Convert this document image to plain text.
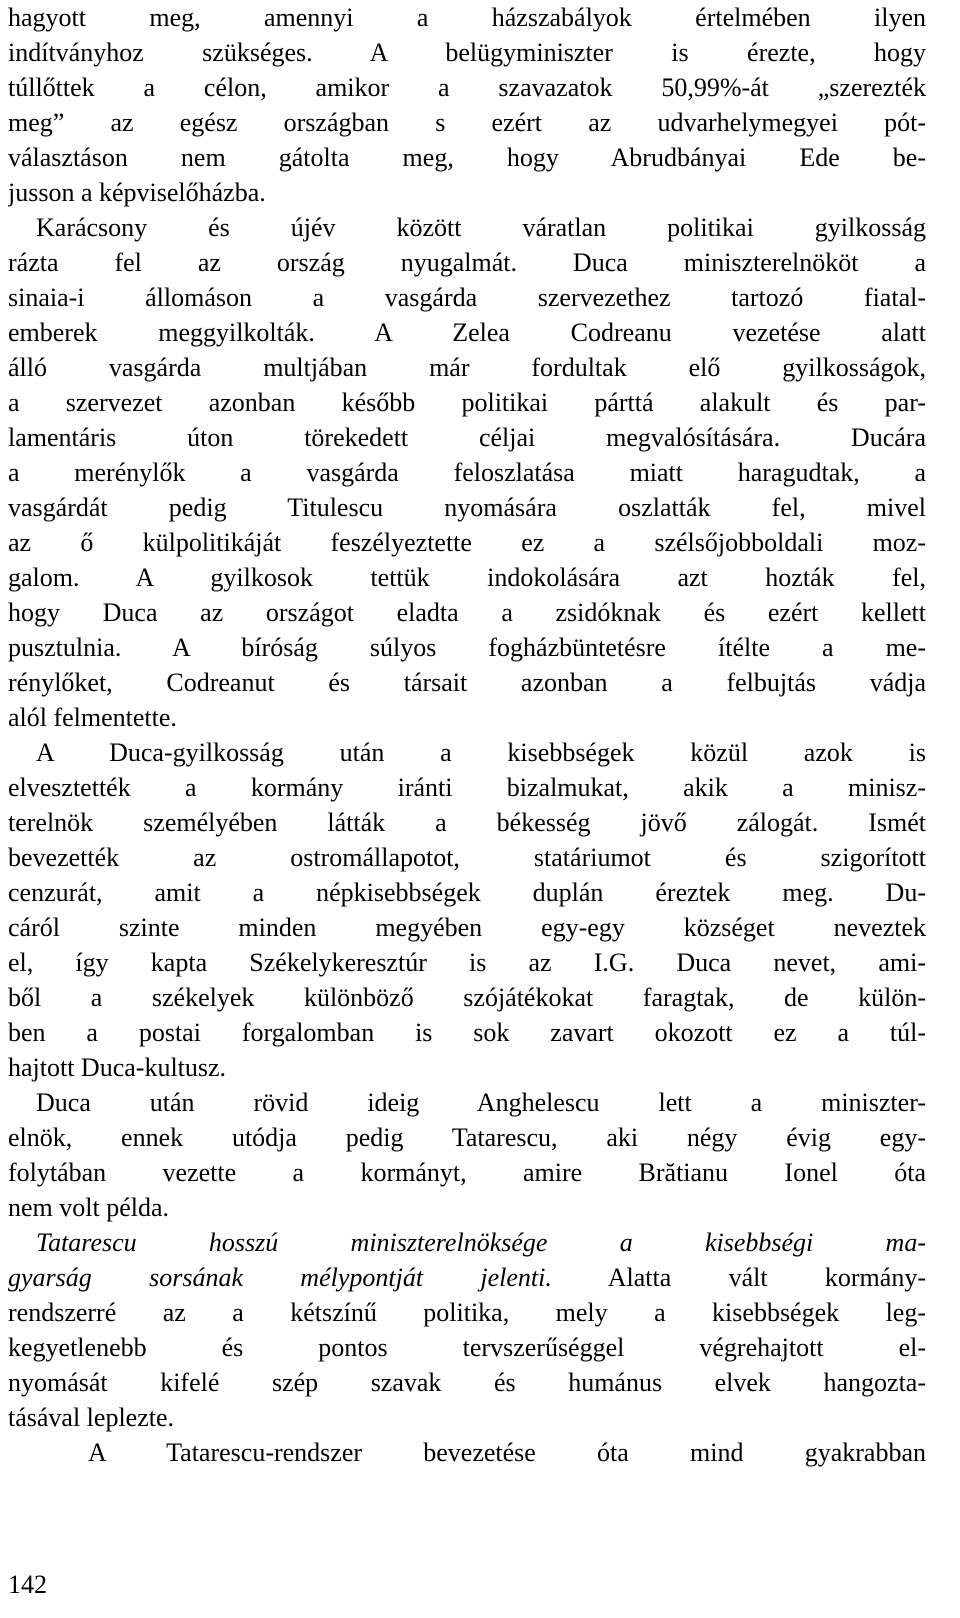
hagyott meg, amennyi a házszabályok értelmében ilyen
indítványhoz szükséges. A belügyminiszter is érezte, hogy
túllőttek a célon, amikor a szavazatok 50,99%-át „szerezték
meg” az egész országban s ezért az udvarhelymegyei pót-
választáson nem gátolta meg, hogy Abrudbányai Ede be-
jusson a képviselőházba.
Karácsony és újév között váratlan politikai gyilkosság
rázta fel az ország nyugalmát. Duca miniszterelnököt a
sinaia-i állomáson a vasgárda szervezethez tartozó fiatal-
emberek meggyilkolták. A Zelea Codreanu vezetése alatt
álló vasgárda multjában már fordultak elő gyilkosságok,
a szervezet azonban később politikai párttá alakult és par-
lamentáris úton törekedett céljai megvalósítására. Ducára
a merénylők a vasgárda feloszlatása miatt haragudtak, a
vasgárdát pedig Titulescu nyomására oszlatták fel, mivel
az ő külpolitikáját feszélyeztette ez a szélsőjobboldali moz-
galom. A gyilkosok tettük indokolására azt hozták fel,
hogy Duca az országot eladta a zsidóknak és ezért kellett
pusztulnia. A bíróság súlyos fogházbüntetésre ítélte a me-
rénylőket, Codreanut és társait azonban a felbujtás vádja
alól felmentette.
A Duca-gyilkosság után a kisebbségek közül azok is
elvesztették a kormány iránti bizalmukat, akik a minisz-
terelnök személyében látták a békesség jövő zálogát. Ismét
bevezették az ostromállapotot, statáriumot és szigorított
cenzurát, amit a népkisebbségek duplán éreztek meg. Du-
cáról szinte minden megyében egy-egy községet neveztek
el, így kapta Székelykeresztúr is az I.G. Duca nevet, ami-
ből a székelyek különböző szójátékokat faragtak, de külön-
ben a postai forgalomban is sok zavart okozott ez a túl-
hajtott Duca-kultusz.
Duca után rövid ideig Anghelescu lett a miniszter-
elnök, ennek utódja pedig Tatarescu, aki négy évig egy-
folytában vezette a kormányt, amire Brătianu Ionel óta
nem volt példa.
Tatarescu hosszú miniszterelnöksége a kisebbségi ma-
gyarság sorsának mélypontját jelenti. Alatta vált kormány-
rendszerré az a kétszínű politika, mely a kisebbségek leg-
kegyetlenebb és pontos tervszerűséggel végrehajtott el-
nyomását kifelé szép szavak és humánus elvek hangozta-
tásával leplezte.
A Tatarescu-rendszer bevezetése óta mind gyakrabban
142
